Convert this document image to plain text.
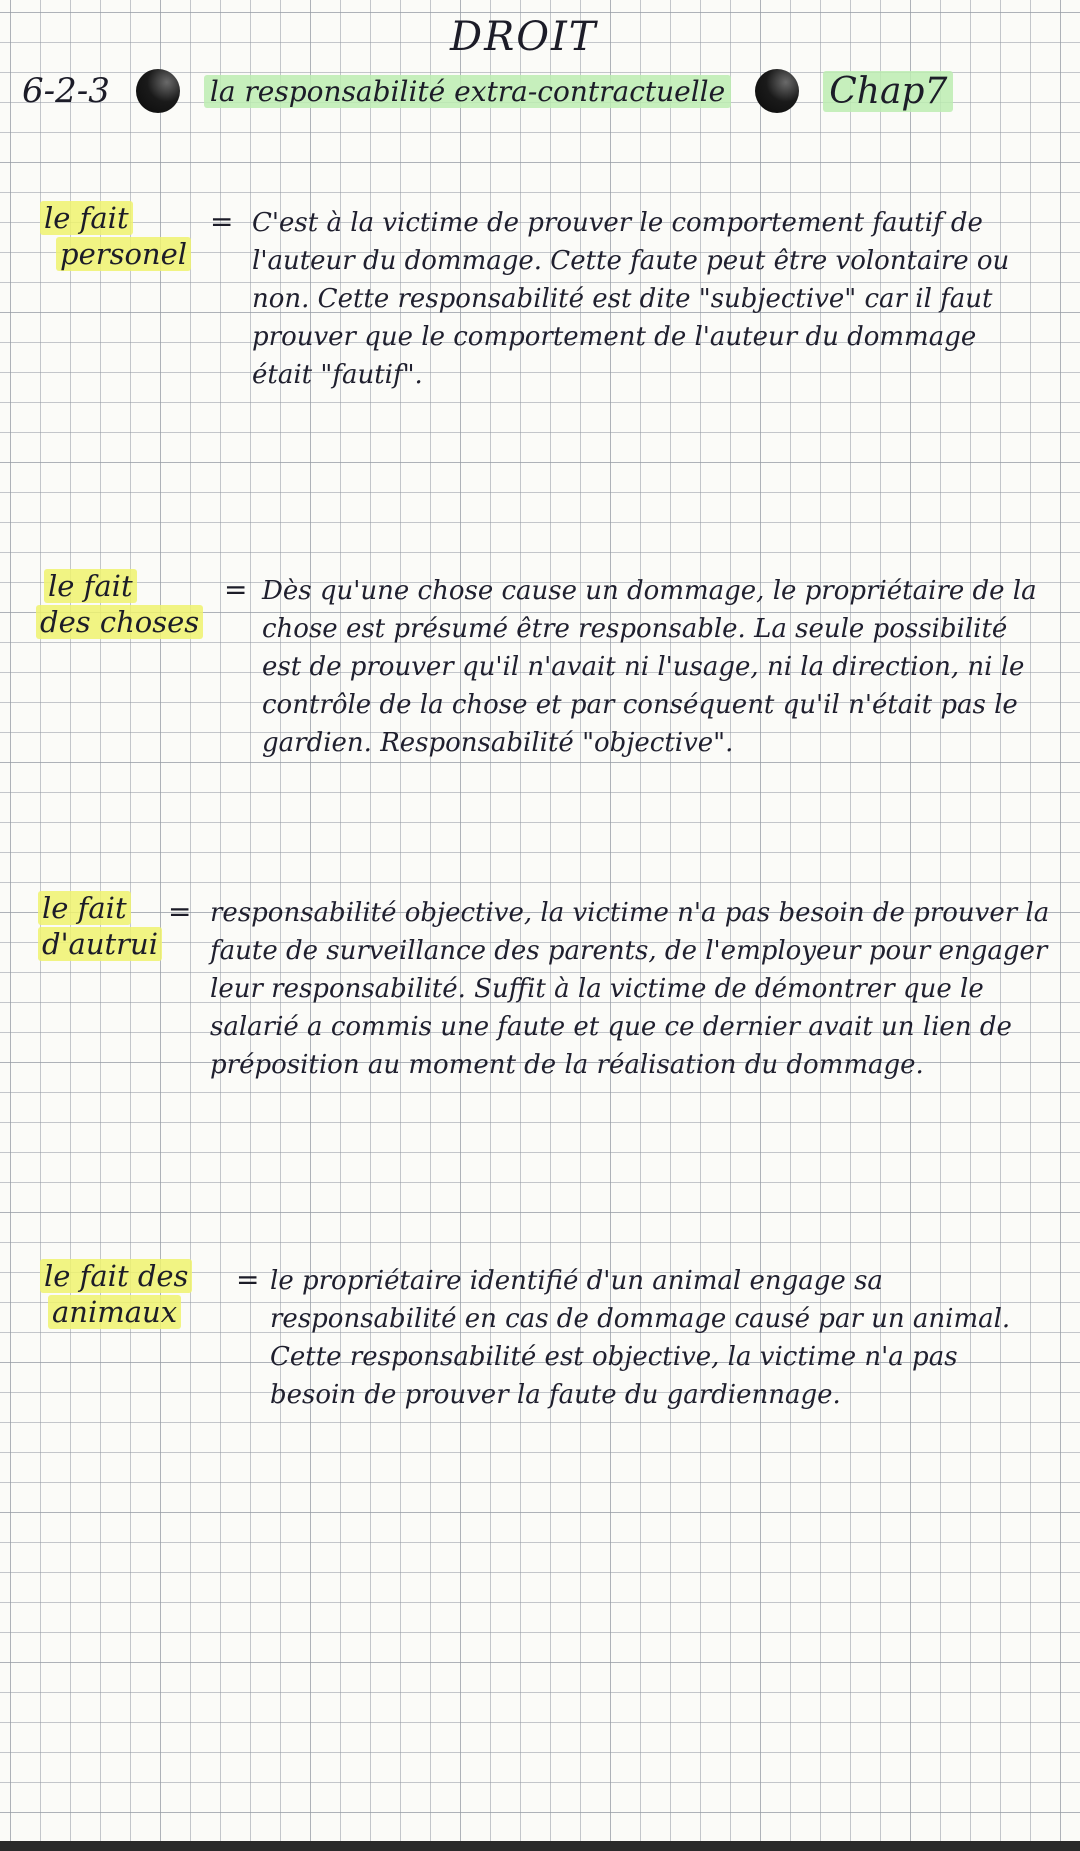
DROIT
6-2-3	la responsabilité extra-contractuelle	Chap7
le fait
personel
= C'est à la victime de prouver le comportement fautif de l'auteur du dommage. Cette faute peut être volontaire ou non. Cette responsabilité est dite "subjective" car il faut prouver que le comportement de l'auteur du dommage était "fautif".
le fait
des choses
= Dès qu'une chose cause un dommage, le propriétaire de la chose est présumé être responsable. La seule possibilité est de prouver qu'il n'avait ni l'usage, ni la direction, ni le contrôle de la chose et par conséquent qu'il n'était pas le gardien. Responsabilité "objective".
le fait
d'autrui
= responsabilité objective, la victime n'a pas besoin de prouver la faute de surveillance des parents, de l'employeur pour engager leur responsabilité. Suffit à la victime de démontrer que le salarié a commis une faute et que ce dernier avait un lien de préposition au moment de la réalisation du dommage.
le fait des
animaux
= le propriétaire identifié d'un animal engage sa responsabilité en cas de dommage causé par un animal. Cette responsabilité est objective, la victime n'a pas besoin de prouver la faute du gardiennage.
